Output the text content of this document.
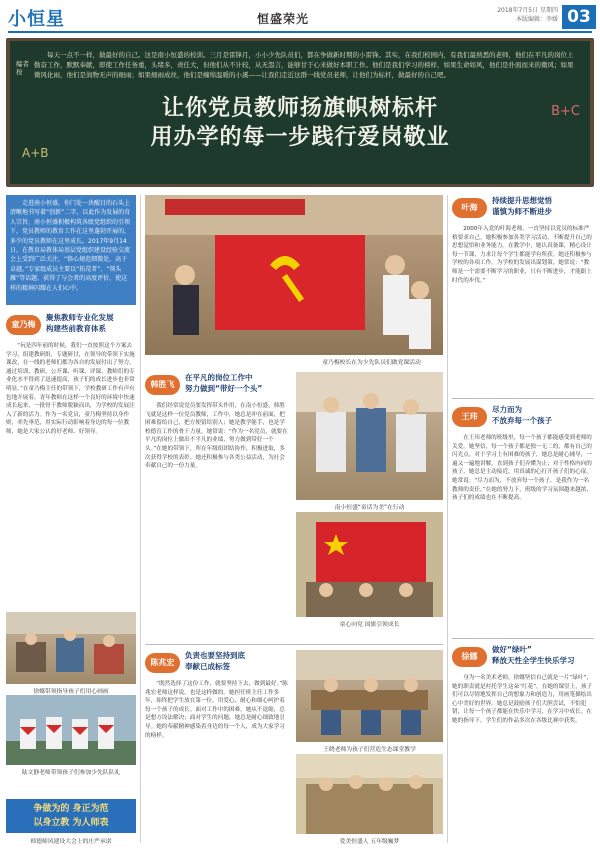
小恒星	恒盛荣光
2018年7月5日 星期四
本版编辑：李媛 03
编者按
每天一点不一样，做最好的自己。这是南小恒盛的校训。三月是雷锋月，小小少先队员们，都在争做新时期的小雷锋。其实，在我们校园内，有我们最熟悉的老师，他们在平凡的岗位上勤奋工作，默默奉献，即使工作任务重，头绪多，责任大，但他们从不计较，从无怨言，能够甘于心来做好本职工作。他们是我们学习的榜样，如果生命如风，他们是扑面而来的微风；如果微风化雨，他们是润物无声的细雨；如果细雨成丝，他们是缠绵温暖的小溪——让我们走近这群一线党员老师，让他们为标杆，做最好的自己吧。
让你党员教师扬旗帜树标杆
用办学的每一步践行爱岗敬业
A+B
B+C
走进南小恒盛，你门处一块醒目的石头上清晰地书写着“创新”二字，以此作为发展的育人宗旨，南小恒盛积极构筑各级党组织的引领下，党员教师的教育工作在这里蓬勃开展的，多少的党员教师在这里成长。2017年9月14日，在教育局教体局基层党组织建设经验交流会上受到广泛关注，“恪心规范细微处，高于卓越。”专家组成员主要以“拓荒者”、“领头雁”等话题，获得了与会者的高度评价，使这样的精神闪耀在人们心中。
童乃梅
聚焦教师专业化发展
构建些前教育体系
“玩是四年前的时候，我们一直按照这个方案去学习，组建教研组，专题研讨，在领导的带领下实施课改，在一线的老师们都为各自的发展付出了努力，通过培训、教研、公开课、听课、评课，教师们的专业化水平得到了迅速提高，孩子们的成长进步也非常明显。”在童乃梅主任的带领下，学校教研工作有声有色地开展着，青年教师在这样一个良好的环境中快速成长起来，一批骨干教师脱颖而出，为学校的发展注入了新的活力。作为一名党员，童乃梅坚持以身作则，率先垂范，用实际行动影响着身边的每一位教师，她是大家公认的好老师、好领导。
徐娜带领指导孩子们用心画画
陆文静老师带领孩子们参加少先队队礼
争做为的 身正为范
以身立教 为人师表
师德师风建设大会上的庄严承诺
童乃梅校长在为少先队员们做党课活动
韩胜飞
在平凡的岗位工作中
努力做到“带好一个头”
我们经常说党员要发挥带头作用，在南小恒盛，韩胜飞就是这样一位党员教师，工作中，她总是冲在前面，把困难留给自己，把方便留给别人；她是教学能手，也是学校德育工作的骨干力量。她常说：“作为一名党员，就要在平凡的岗位上做出不平凡的业绩，努力做到带好一个头。”在她的带领下，所在年级组团结协作，积极进取，多次获得学校的表彰。她还积极参与各类公益活动，为社会奉献自己的一份力量。
南小恒盛“童话为美”在行动
童心向党 国旗引领成长
陈兆宏
负责也要坚持到底
奉献已成标签
“既然选择了这份工作，就要坚持下去，做到最好。”陈兆宏老师这样说，也是这样做的。她担任班主任工作多年，始终把学生放在第一位，用爱心、耐心和细心呵护着每一个孩子的成长。面对工作中的困难，她从不退缩，总是想方设法解决；面对学生的问题，她总是耐心细致地引导。她的奉献精神感染着身边的每一个人，成为大家学习的榜样。
王晓老师为孩子们营造生态课堂教学
爱美恒盛人 五年级巍梦
叶海
持续提升思想觉悟
谨慎为师不断进步
2000年入党的叶海老师，一直坚持以党员的标准严格要求自己。她积极参加各类学习活动，不断提升自己的思想觉悟和业务能力。在教学中，她认真备课，精心设计每一节课，力求让每个学生都能学有所获。她还积极参与学校的各项工作，为学校的发展出谋划策。她常说：“教师是一个需要不断学习的职业，只有不断进步，才能跟上时代的步伐。”
王玮
尽力而为
不放弃每一个孩子
在王玮老师的班级里，每一个孩子都能感受到老师的关爱。她坚信，每一个孩子都是独一无二的，都有自己的闪光点。对于学习上有困难的孩子，她总是耐心辅导，一遍又一遍地讲解，直到孩子们弄懂为止；对于性格内向的孩子，她总是主动接近，用真诚的心打开孩子们的心扉。她常说：“尽力而为，不放弃每一个孩子，是我作为一名教师的责任。”在她的努力下，班级的学习氛围越来越浓，孩子们的成绩也在不断提高。
徐娜
做好“绿叶”
释放天性全学生快乐学习
身为一名美术老师，徐娜坚信自己就是一片“绿叶”，她的职责就是衬托学生这朵“红花”。在她的课堂上，孩子们可以尽情地发挥自己的想象力和创造力，用画笔描绘出心中美好的世界。她总是鼓励孩子们大胆尝试，不怕犯错，让每一个孩子都能在快乐中学习，在学习中成长。在她的指导下，学生们的作品多次在各级比赛中获奖。
